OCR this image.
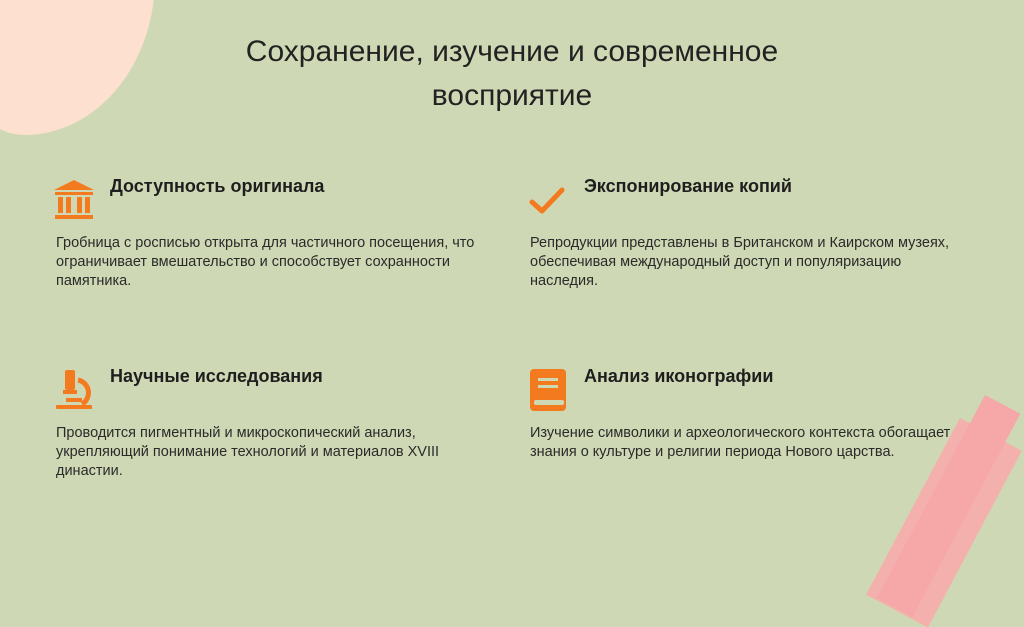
Сохранение, изучение и современное
восприятие
Доступность оригинала

Гробница с росписью открыта для частичного посещения, что ограничивает вмешательство и способствует сохранности памятника.

Экспонирование копий

Репродукции представлены в Британском и Каирском музеях, обеспечивая международный доступ и популяризацию наследия.

Научные исследования

Проводится пигментный и микроскопический анализ, укрепляющий понимание технологий и материалов XVIII династии.

Анализ иконографии

Изучение символики и археологического контекста обогащает знания о культуре и религии периода Нового царства.
